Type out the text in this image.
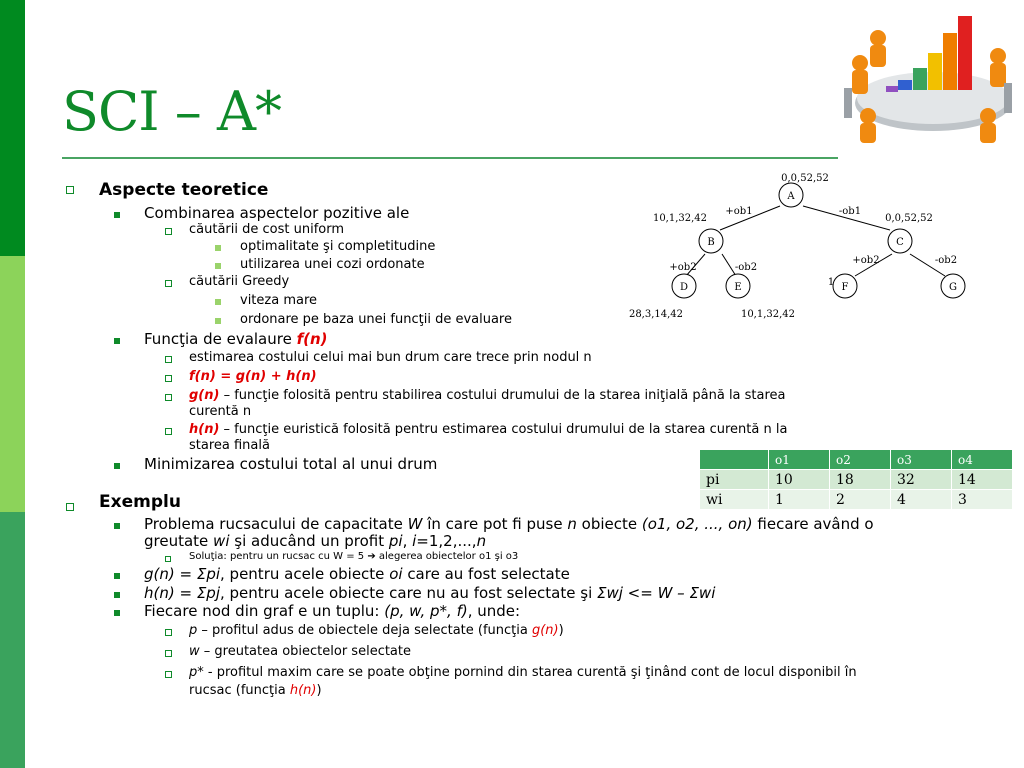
SCI – A*
Aspecte teoretice
Combinarea aspectelor pozitive ale
căutării de cost uniform
optimalitate şi completitudine
utilizarea unei cozi ordonate
căutării Greedy
viteza mare
ordonare pe baza unei funcţii de evaluare
Funcţia de evalaure f(n)
estimarea costului celui mai bun drum care trece prin nodul n
f(n) = g(n) + h(n)
g(n) – funcţie folosită pentru stabilirea costului drumului de la starea iniţială până la starea
curentă n
h(n) – funcţie euristică folosită pentru estimarea costului drumului de la starea curentă n la
starea finală
Minimizarea costului total al unui drum
Exemplu
Problema rucsacului de capacitate W în care pot fi puse n obiecte (o1, o2, ..., on) fiecare având o
greutate wi şi aducând un profit pi, i=1,2,...,n
Soluţia: pentru un rucsac cu W = 5 ➔ alegerea obiectelor o1 şi o3
g(n) = Σpi, pentru acele obiecte oi care au fost selectate
h(n) = Σpj, pentru acele obiecte care nu au fost selectate şi Σwj <= W – Σwi
Fiecare nod din graf e un tuplu: (p, w, p*, f), unde:
p – profitul adus de obiectele deja selectate (funcţia g(n))
w – greutatea obiectelor selectate
p* - profitul maxim care se poate obţine pornind din starea curentă şi ţinând cont de locul disponibil în
rucsac (funcţia h(n))
A
B	C
D	E	F	G
0,0,52,52
10,1,32,42	0,0,52,52
28,3,14,42	10,1,32,42
1
+ob1	-ob1
+ob2	-ob2
+ob2	-ob2
	o1	o2	o3	o4
pi	10	18	32	14
wi	1	2	4	3
